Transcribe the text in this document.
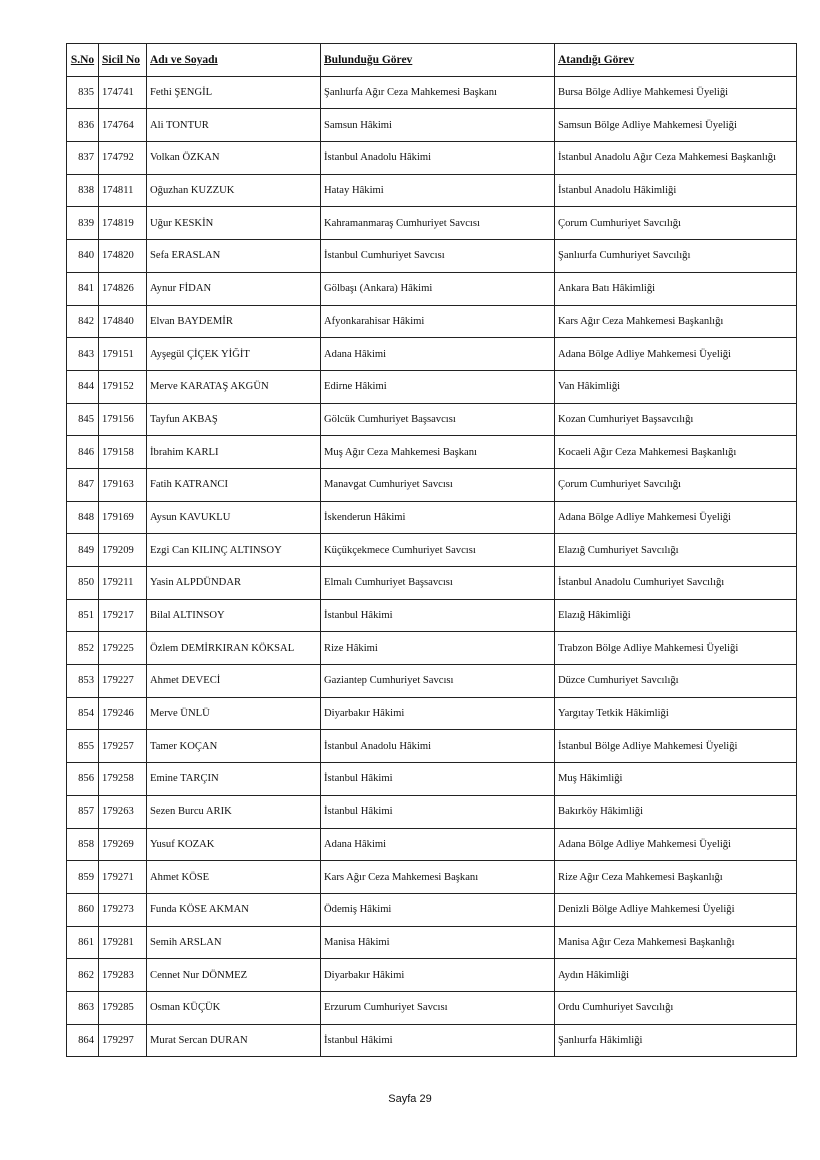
S.No	Sicil No	Adı ve Soyadı	Bulunduğu Görev	Atandığı Görev
835	174741	Fethi ŞENGİL	Şanlıurfa Ağır Ceza Mahkemesi Başkanı	Bursa Bölge Adliye Mahkemesi Üyeliği
836	174764	Ali TONTUR	Samsun Hâkimi	Samsun Bölge Adliye Mahkemesi Üyeliği
837	174792	Volkan ÖZKAN	İstanbul Anadolu Hâkimi	İstanbul Anadolu Ağır Ceza Mahkemesi Başkanlığı
838	174811	Oğuzhan KUZZUK	Hatay Hâkimi	İstanbul Anadolu Hâkimliği
839	174819	Uğur KESKİN	Kahramanmaraş Cumhuriyet Savcısı	Çorum Cumhuriyet Savcılığı
840	174820	Sefa ERASLAN	İstanbul Cumhuriyet Savcısı	Şanlıurfa Cumhuriyet Savcılığı
841	174826	Aynur FİDAN	Gölbaşı (Ankara) Hâkimi	Ankara Batı Hâkimliği
842	174840	Elvan BAYDEMİR	Afyonkarahisar Hâkimi	Kars Ağır Ceza Mahkemesi Başkanlığı
843	179151	Ayşegül ÇİÇEK YİĞİT	Adana Hâkimi	Adana Bölge Adliye Mahkemesi Üyeliği
844	179152	Merve KARATAŞ AKGÜN	Edirne Hâkimi	Van Hâkimliği
845	179156	Tayfun AKBAŞ	Gölcük Cumhuriyet Başsavcısı	Kozan Cumhuriyet Başsavcılığı
846	179158	İbrahim KARLI	Muş Ağır Ceza Mahkemesi Başkanı	Kocaeli Ağır Ceza Mahkemesi Başkanlığı
847	179163	Fatih KATRANCI	Manavgat Cumhuriyet Savcısı	Çorum Cumhuriyet Savcılığı
848	179169	Aysun KAVUKLU	İskenderun Hâkimi	Adana Bölge Adliye Mahkemesi Üyeliği
849	179209	Ezgi Can KILINÇ ALTINSOY	Küçükçekmece Cumhuriyet Savcısı	Elazığ Cumhuriyet Savcılığı
850	179211	Yasin ALPDÜNDAR	Elmalı Cumhuriyet Başsavcısı	İstanbul Anadolu Cumhuriyet Savcılığı
851	179217	Bilal ALTINSOY	İstanbul Hâkimi	Elazığ Hâkimliği
852	179225	Özlem DEMİRKIRAN KÖKSAL	Rize Hâkimi	Trabzon Bölge Adliye Mahkemesi Üyeliği
853	179227	Ahmet DEVECİ	Gaziantep Cumhuriyet Savcısı	Düzce Cumhuriyet Savcılığı
854	179246	Merve ÜNLÜ	Diyarbakır Hâkimi	Yargıtay Tetkik Hâkimliği
855	179257	Tamer KOÇAN	İstanbul Anadolu Hâkimi	İstanbul Bölge Adliye Mahkemesi Üyeliği
856	179258	Emine TARÇIN	İstanbul Hâkimi	Muş Hâkimliği
857	179263	Sezen Burcu ARIK	İstanbul Hâkimi	Bakırköy Hâkimliği
858	179269	Yusuf KOZAK	Adana Hâkimi	Adana Bölge Adliye Mahkemesi Üyeliği
859	179271	Ahmet KÖSE	Kars Ağır Ceza Mahkemesi Başkanı	Rize Ağır Ceza Mahkemesi Başkanlığı
860	179273	Funda KÖSE AKMAN	Ödemiş Hâkimi	Denizli Bölge Adliye Mahkemesi Üyeliği
861	179281	Semih ARSLAN	Manisa Hâkimi	Manisa Ağır Ceza Mahkemesi Başkanlığı
862	179283	Cennet Nur DÖNMEZ	Diyarbakır Hâkimi	Aydın Hâkimliği
863	179285	Osman KÜÇÜK	Erzurum Cumhuriyet Savcısı	Ordu Cumhuriyet Savcılığı
864	179297	Murat Sercan DURAN	İstanbul Hâkimi	Şanlıurfa Hâkimliği
Sayfa 29
